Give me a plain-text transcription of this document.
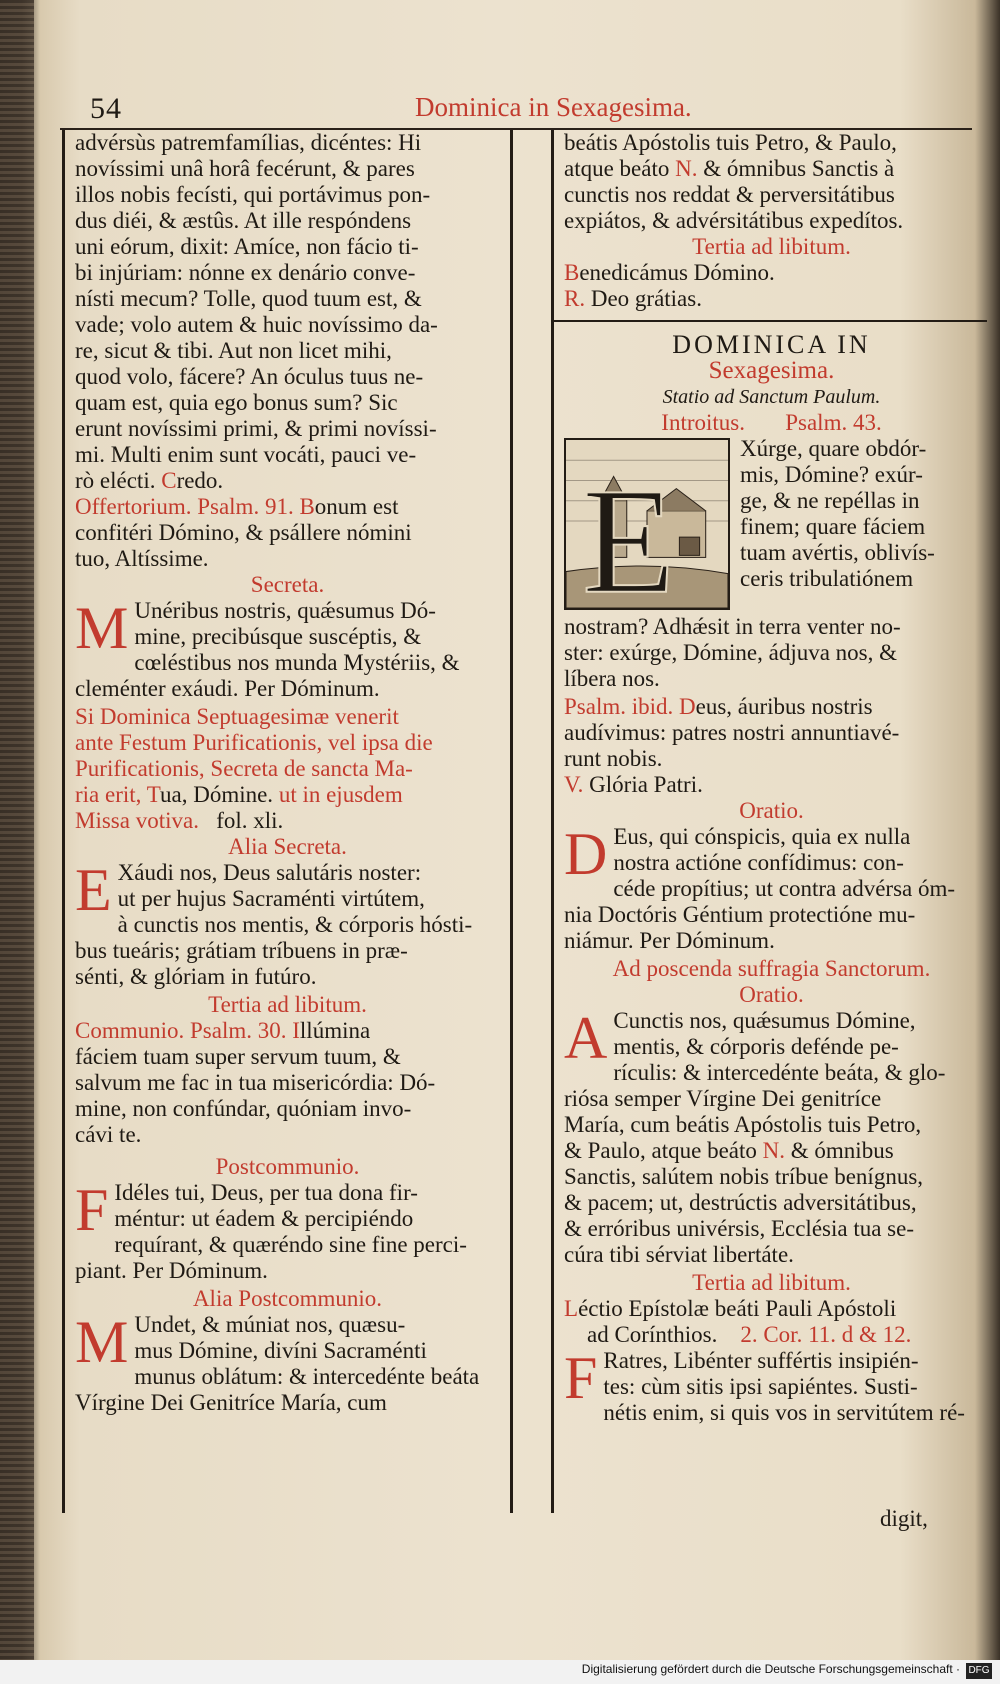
54	Dominica in Sexagesima.
advérsùs patremfamílias, dicéntes: Hi
novíssimi unâ horâ fecérunt, & pares
illos nobis fecísti, qui portávimus pon-
dus diéi, & æstûs. At ille respóndens
uni eórum, dixit: Amíce, non fácio ti-
bi injúriam: nónne ex denário conve-
nísti mecum? Tolle, quod tuum est, &
vade; volo autem & huic novíssimo da-
re, sicut & tibi. Aut non licet mihi,
quod volo, fácere? An óculus tuus ne-
quam est, quia ego bonus sum? Sic
erunt novíssimi primi, & primi novíssi-
mi. Multi enim sunt vocáti, pauci ve-
rò elécti. Credo.
Offertorium. Psalm. 91. Bonum est
confitéri Dómino, & psállere nómini
tuo, Altíssime.
Secreta.
M Unéribus nostris, quǽsumus Dó-
mine, precibúsque suscéptis, &
cœléstibus nos munda Mystériis, &
cleménter exáudi. Per Dóminum.
Si Dominica Septuagesimæ venerit
ante Festum Purificationis, vel ipsa die
Purificationis, Secreta de sancta Ma-
ria erit, Tua, Dómine. ut in ejusdem
Missa votiva. fol. xli.
Alia Secreta.
E Xáudi nos, Deus salutáris noster:
ut per hujus Sacraménti virtútem,
à cunctis nos mentis, & córporis hósti-
bus tueáris; grátiam tríbuens in præ-
sénti, & glóriam in futúro.
Tertia ad libitum.
Communio. Psalm. 30. Illúmina
fáciem tuam super servum tuum, &
salvum me fac in tua misericórdia: Dó-
mine, non confúndar, quóniam invo-
cávi te.
Postcommunio.
F Idéles tui, Deus, per tua dona fir-
méntur: ut éadem & percipiéndo
requírant, & quæréndo sine fine perci-
piant. Per Dóminum.
Alia Postcommunio.
M Undet, & múniat nos, quæsu-
mus Dómine, divíni Sacraménti
munus oblátum: & intercedénte beáta
Vírgine Dei Genitríce María, cum
beátis Apóstolis tuis Petro, & Paulo,
atque beáto N. & ómnibus Sanctis à
cunctis nos reddat & perversitátibus
expiátos, & advérsitátibus expedítos.
Tertia ad libitum.
Benedicámus Dómino.
R. Deo grátias.
DOMINICA IN
Sexagesima.
Statio ad Sanctum Paulum.
Introitus. Psalm. 43.
E
Xúrge, quare obdór-
mis, Dómine? exúr-
ge, & ne repéllas in
finem; quare fáciem
tuam avértis, oblivís-
ceris tribulatiónem
nostram? Adhǽsit in terra venter no-
ster: exúrge, Dómine, ádjuva nos, &
líbera nos.
Psalm. ibid. Deus, áuribus nostris
audívimus: patres nostri annuntiavé-
runt nobis.
V. Glória Patri.
Oratio.
D Eus, qui cónspicis, quia ex nulla
nostra actióne confídimus: con-
céde propítius; ut contra advérsa óm-
nia Doctóris Géntium protectióne mu-
niámur. Per Dóminum.
Ad poscenda suffragia Sanctorum.
Oratio.
A Cunctis nos, quǽsumus Dómine,
mentis, & córporis defénde pe-
rículis: & intercedénte beáta, & glo-
riósa semper Vírgine Dei genitríce
María, cum beátis Apóstolis tuis Petro,
& Paulo, atque beáto N. & ómnibus
Sanctis, salútem nobis tríbue benígnus,
& pacem; ut, destrúctis adversitátibus,
& erróribus univérsis, Ecclésia tua se-
cúra tibi sérviat libertáte.
Tertia ad libitum.
Léctio Epístolæ beáti Pauli Apóstoli
ad Corínthios. 2. Cor. 11. d & 12.
F Ratres, Libénter suffértis insipién-
tes: cùm sitis ipsi sapiéntes. Susti-
nétis enim, si quis vos in servitútem ré-
digit,
Digitalisierung gefördert durch die Deutsche Forschungsgemeinschaft · DFG
